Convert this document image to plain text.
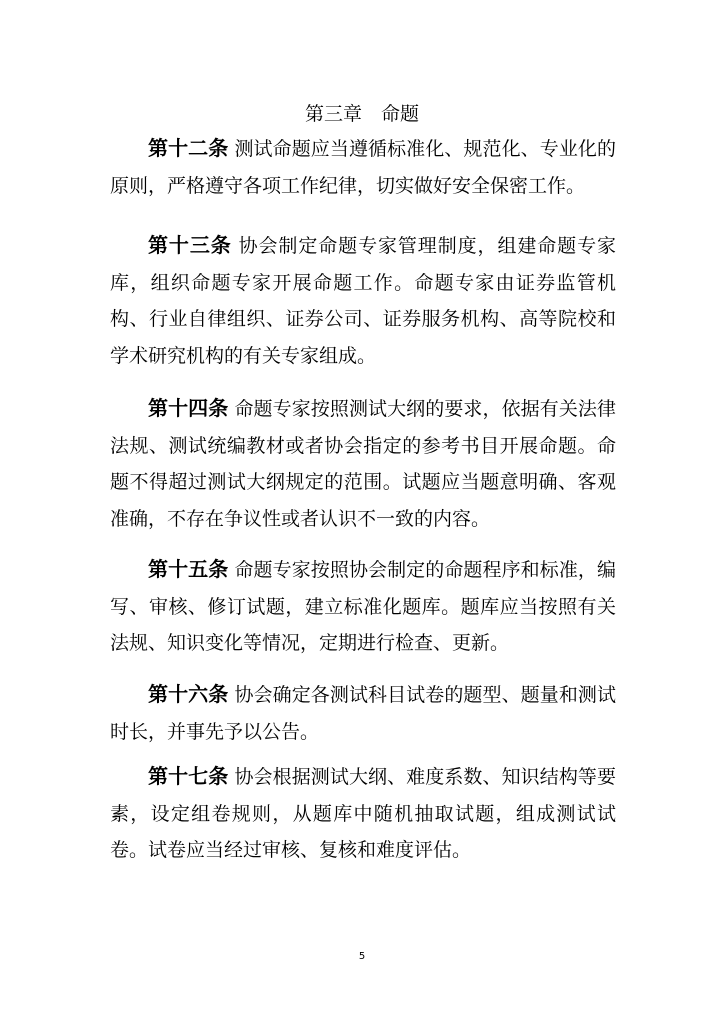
第三章　命题

第十二条 测试命题应当遵循标准化、规范化、专业化的原则，严格遵守各项工作纪律，切实做好安全保密工作。

第十三条 协会制定命题专家管理制度，组建命题专家库，组织命题专家开展命题工作。命题专家由证券监管机构、行业自律组织、证券公司、证券服务机构、高等院校和学术研究机构的有关专家组成。

第十四条 命题专家按照测试大纲的要求，依据有关法律法规、测试统编教材或者协会指定的参考书目开展命题。命题不得超过测试大纲规定的范围。试题应当题意明确、客观准确，不存在争议性或者认识不一致的内容。

第十五条 命题专家按照协会制定的命题程序和标准，编写、审核、修订试题，建立标准化题库。题库应当按照有关法规、知识变化等情况，定期进行检查、更新。

第十六条 协会确定各测试科目试卷的题型、题量和测试时长，并事先予以公告。

第十七条 协会根据测试大纲、难度系数、知识结构等要素，设定组卷规则，从题库中随机抽取试题，组成测试试卷。试卷应当经过审核、复核和难度评估。

5
